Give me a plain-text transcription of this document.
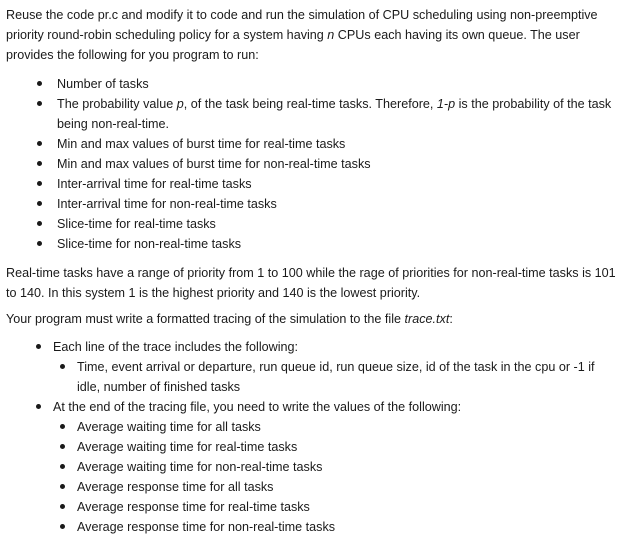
Reuse the code pr.c and modify it to code and run the simulation of CPU scheduling using non-preemptive priority round-robin scheduling policy for a system having n CPUs each having its own queue. The user provides the following for you program to run:

Number of tasks
The probability value p, of the task being real-time tasks. Therefore, 1-p is the probability of the task being non-real-time.
Min and max values of burst time for real-time tasks
Min and max values of burst time for non-real-time tasks
Inter-arrival time for real-time tasks
Inter-arrival time for non-real-time tasks
Slice-time for real-time tasks
Slice-time for non-real-time tasks

Real-time tasks have a range of priority from 1 to 100 while the rage of priorities for non-real-time tasks is 101 to 140. In this system 1 is the highest priority and 140 is the lowest priority.

Your program must write a formatted tracing of the simulation to the file trace.txt:

Each line of the trace includes the following:
Time, event arrival or departure, run queue id, run queue size, id of the task in the cpu or -1 if idle, number of finished tasks
At the end of the tracing file, you need to write the values of the following:
Average waiting time for all tasks
Average waiting time for real-time tasks
Average waiting time for non-real-time tasks
Average response time for all tasks
Average response time for real-time tasks
Average response time for non-real-time tasks
